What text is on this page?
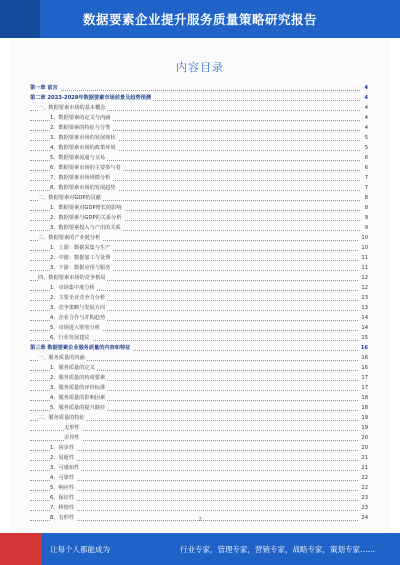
数据要素企业提升服务质量策略研究报告
内容目录
第一章 前言	4
第二章 2023-2028年数据要素市场前景及趋势预测	4
一、数据要素市场的基本概念	4
1、数据要素的定义与内涵	4
2、数据要素的特征与分类	4
3、数据要素市场的发展现状	5
4、数据要素市场的政策环境	5
5、数据要素流通与交易	6
6、数据要素市场的主要参与者	6
7、数据要素市场规模分析	7
8、数据要素市场的发展趋势	7
二、数据要素对GDP的贡献	8
1、数据要素对GDP增长的影响	8
2、数据要素与GDP的关系分析	9
3、数据要素投入与产出的关系	9
三、数据要素的产业链分析	10
1、上游：数据采集与生产	10
2、中游：数据加工与处理	11
3、下游：数据应用与服务	11
四、数据要素市场的竞争格局	12
1、市场集中度分析	12
2、主要企业竞争力分析	13
3、竞争策略与发展方向	13
4、企业合作与并购趋势	14
5、市场进入壁垒分析	14
6、行业发展建议	15
第三章 数据要素企业服务质量的内容和特征	16
一、服务质量的内涵	16
1、服务质量的定义	16
2、服务质量的构成要素	17
3、服务质量的评价标准	17
4、服务质量的影响因素	18
5、服务质量的提升路径	18
二、服务质量的特征	19
无形性	19
差异性	20
1、同步性	20
2、易逝性	21
3、可感知性	21
4、可靠性	22
5、响应性	22
6、保证性	23
7、移情性	23
8、有形性	24
2
让每个人都能成为	行业专家，管理专家，营销专家，战略专家，策划专家……
